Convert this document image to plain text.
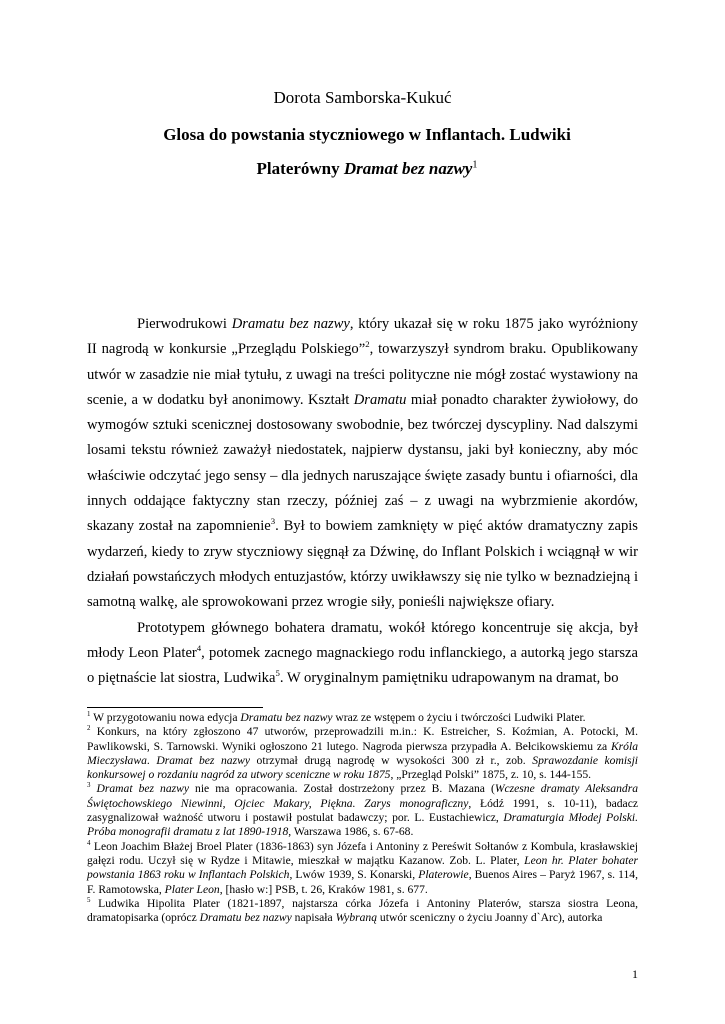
Dorota Samborska-Kukuć
Glosa do powstania styczniowego w Inflantach. Ludwiki
Platerówny Dramat bez nazwy$^1$

Pierwodrukowi Dramatu bez nazwy, który ukazał się w roku 1875 jako wyróżniony II nagrodą w konkursie „Przeglądu Polskiego”$^2$, towarzyszył syndrom braku. Opublikowany utwór w zasadzie nie miał tytułu, z uwagi na treści polityczne nie mógł zostać wystawiony na scenie, a w dodatku był anonimowy. Kształt Dramatu miał ponadto charakter żywiołowy, do wymogów sztuki scenicznej dostosowany swobodnie, bez twórczej dyscypliny. Nad dalszymi losami tekstu również zaważył niedostatek, najpierw dystansu, jaki był konieczny, aby móc właściwie odczytać jego sensy – dla jednych naruszające święte zasady buntu i ofiarności, dla innych oddające faktyczny stan rzeczy, później zaś – z uwagi na wybrzmienie akordów, skazany został na zapomnienie$^3$. Był to bowiem zamknięty w pięć aktów dramatyczny zapis wydarzeń, kiedy to zryw styczniowy sięgnął za Dźwinę, do Inflant Polskich i wciągnął w wir działań powstańczych młodych entuzjastów, którzy uwikławszy się nie tylko w beznadziejną i samotną walkę, ale sprowokowani przez wrogie siły, ponieśli największe ofiary.

Prototypem głównego bohatera dramatu, wokół którego koncentruje się akcja, był młody Leon Plater$^4$, potomek zacnego magnackiego rodu inflanckiego, a autorką jego starsza o piętnaście lat siostra, Ludwika$^5$. W oryginalnym pamiętniku udrapowanym na dramat, bo

$^1$ W przygotowaniu nowa edycja Dramatu bez nazwy wraz ze wstępem o życiu i twórczości Ludwiki Plater.

$^2$ Konkurs, na który zgłoszono 47 utworów, przeprowadzili m.in.: K. Estreicher, S. Koźmian, A. Potocki, M. Pawlikowski, S. Tarnowski. Wyniki ogłoszono 21 lutego. Nagroda pierwsza przypadła A. Bełcikowskiemu za Króla Mieczysława. Dramat bez nazwy otrzymał drugą nagrodę w wysokości 300 zł r., zob. Sprawozdanie komisji konkursowej o rozdaniu nagród za utwory sceniczne w roku 1875, „Przegląd Polski” 1875, z. 10, s. 144-155.

$^3$ Dramat bez nazwy nie ma opracowania. Został dostrzeżony przez B. Mazana (Wczesne dramaty Aleksandra Świętochowskiego Niewinni, Ojciec Makary, Piękna. Zarys monograficzny, Łódź 1991, s. 10-11), badacz zasygnalizował ważność utworu i postawił postulat badawczy; por. L. Eustachiewicz, Dramaturgia Młodej Polski. Próba monografii dramatu z lat 1890-1918, Warszawa 1986, s. 67-68.

$^4$ Leon Joachim Błażej Broel Plater (1836-1863) syn Józefa i Antoniny z Pereświt Sołtanów z Kombula, krasławskiej gałęzi rodu. Uczył się w Rydze i Mitawie, mieszkał w majątku Kazanow. Zob. L. Plater, Leon hr. Plater bohater powstania 1863 roku w Inflantach Polskich, Lwów 1939, S. Konarski, Platerowie, Buenos Aires – Paryż 1967, s. 114, F. Ramotowska, Plater Leon, [hasło w:] PSB, t. 26, Kraków 1981, s. 677.

$^5$ Ludwika Hipolita Plater (1821-1897, najstarsza córka Józefa i Antoniny Platerów, starsza siostra Leona, dramatopisarka (oprócz Dramatu bez nazwy napisała Wybraną utwór sceniczny o życiu Joanny d`Arc), autorka

1
